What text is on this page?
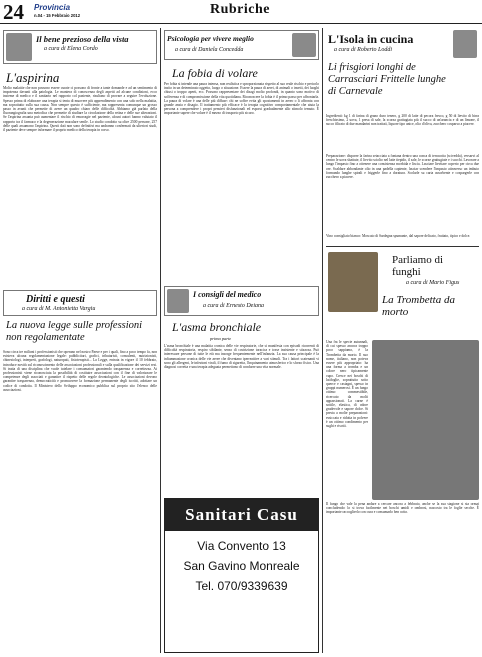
24 Provincia
n.04 - 15 Febbraio 2012	Rubriche
Il bene prezioso della vista
a cura di Elena Cordo
L'aspirina
Molto malattie che non possono essere curate ci possono di fronte a tante domande e ad un sentimento di impotenza davanti alla patologia. Le maniera di conoscenza degli aspetti ad alcune condizioni, ecco insieme di medico e il sanitario nel rapporto col paziente, risultano di provare a seguire l'evoluzione. Spesso prima di elaborare una terapia si tenta di muovere più apprendimento con una solo nella malattia, ma soprattutto sulla sua causa. Non sempre questo è sufficiente, ma rappresenta comunque un grosso passo in avanti che permette di avere un quadro chiaro delle difficoltà. Abbiamo già parlato della fluorangiografia una metodica che permette di studiare la circolazione della retina e delle sue alterazioni. Se l'aspirina assunta può aumentare il rischio di emorragie nel paziente, alcuni autori hanno valutato il rapporto tra il farmaco e la degenerazione maculare senile. Lo studio condotto su oltre 2500 persone, 257 delle quali assumono l'aspirina. Questi dati non sono definitivi ma andranno confermati da ulteriori studi, il paziente deve sempre informare il proprio medico della terapia in corso.
Diritti e questi
a cura di M. Antonietta Vargiu
La nuova legge sulle professioni non regolamentate
Sono circa tre milioni i professionisti che operano nel nostro Paese e per i quali, fino a poco tempo fa, non esisteva alcuna regolamentazione legale: pubblicitari, grafici, tributaristi, consulenti, nutrizionisti, chinesiologi, interpreti, grafologi, naturopati, fisioterapisti... La Legge, entrata in vigore il 10 febbraio, introduce novità sul riconoscimento delle associazioni professionali e sulla qualificazione dei servizi resi. Si tratta di una disciplina che vuole tutelare i consumatori garantendo trasparenza e correttezza. Ai professionisti viene riconosciuta la possibilità di costituire associazioni con il fine di valorizzare le competenze degli associati e garantire il rispetto delle regole deontologiche. Le associazioni devono garantire trasparenza, democraticità e promuovere la formazione permanente degli iscritti, adottare un codice di condotta. Il Ministero dello Sviluppo economico pubblica sul proprio sito l'elenco delle associazioni.
Psicologia per vivere meglio
a cura di Daniela Concedda
La fobia di volare
Per fobia si intende una paura intensa, non realistica e sproporzionata rispetto al suo reale rischio e pericolo insito in un determinato oggetto, luogo o situazione. Essere la paura di aerei, di animali o insetti, dei luoghi chiusi o troppo aperti, ecc. Possono rappresentare dei disagi molto profondi, in quanto sono motivo di sofferenza e di compromissione della vita quotidiana. Riconoscere la fobia è il primo passo per affrontarla. La paura di volare è una delle più diffuse: chi ne soffre evita gli spostamenti in aereo o li affronta con grande ansia e disagio. Il trattamento più efficace è la terapia cognitivo comportamentale che aiuta la persona a comprendere i propri pensieri disfunzionali ed esporsi gradualmente allo stimolo temuto. È importante sapere che volare è il mezzo di trasporto più sicuro.
I consigli del medico
a cura di Ernesto Deiana
L'asma bronchiale
prima parte
L'asma bronchiale è una malattia cronica delle vie respiratorie, che si manifesta con episodi ricorrenti di difficoltà respiratoria, respiro sibilante, senso di costrizione toracica e tosse insistente e stizzosa. Può interessare persone di tutte le età ma insorge frequentemente nell'infanzia. La sua causa principale è la infiammazione cronica delle vie aeree che diventano iperreattive a vari stimoli. Tra i fattori scatenanti vi sono gli allergeni, le infezioni virali, il fumo di sigaretta, l'inquinamento atmosferico e lo sforzo fisico. Una diagnosi corretta e una terapia adeguata permettono di condurre una vita normale.
Sanitari Casu
Via Convento 13
San Gavino Monreale
Tel. 070/9339639
L'Isola in cucina
a cura di Roberto Loddi
Li frisgiori longhi de Carrasciari Frittelle lunghe di Carnevale
Ingredienti: kg 1 di farina di grano duro tenero, g 200 di latte di pecora fresco, g 50 di lievito di birra freschissimo, 2 uova, 1 presa di sale, la scorza grattugiata più il succo di un'arancia e di un limone, il succo filtrato di due mandarini non trattati, liquore tipo anice, olio d'oliva, zucchero cosparso a piacere.
Preparazione: disporre la farina setacciata a fontana dentro una conca di terracotta (scivedda), versarvi al centro le uova sbattute, il lievito sciolto nel latte tiepido, il sale, le scorze grattugiate e i succhi. Lavorare a lungo l'impasto fino a ottenere una consistenza morbida e liscia. Lasciare lievitare coperto per circa due ore. Scaldare abbondante olio in una padella capiente, lasciar scendere l'impasto attraverso un imbuto formando lunghe spirali e friggerle fino a doratura. Scolarle su carta assorbente e cospargerle con zucchero a piacere.
Vino consigliato bianco: Moscato di Sardegna spumante, dal sapore delicato, fruttato, tipico e dolce.
Parliamo di funghi
a cura di Mario Figus
La Trombetta da morto
Una fra le specie autunnali, di cui spesso ancora troppo poco sappiamo, è la Trombetta da morto. Il suo nome, italiano, non poteva essere più appropriato: ha una forma a tromba e un colore nero tipicamente cupo. Cresce nei boschi di latifoglie, soprattutto sotto querce e castagni, spesso in gruppi numerosi. È un fungo ottimo commestibile, ricercato da molti appassionati. La carne è sottile, elastica, di odore gradevole e sapore dolce. Si presta a molte preparazioni: essiccata e ridotta in polvere è un ottimo condimento per sughi e risotti.
Il fungo che vale la pena andare a cercare ancora a febbraio, anche se la sua stagione si sta ormai concludendo: lo si trova facilmente nei boschi umidi e ombrosi, nascosto tra le foglie secche. È importante raccoglierlo con cura e consumarlo ben cotto.
